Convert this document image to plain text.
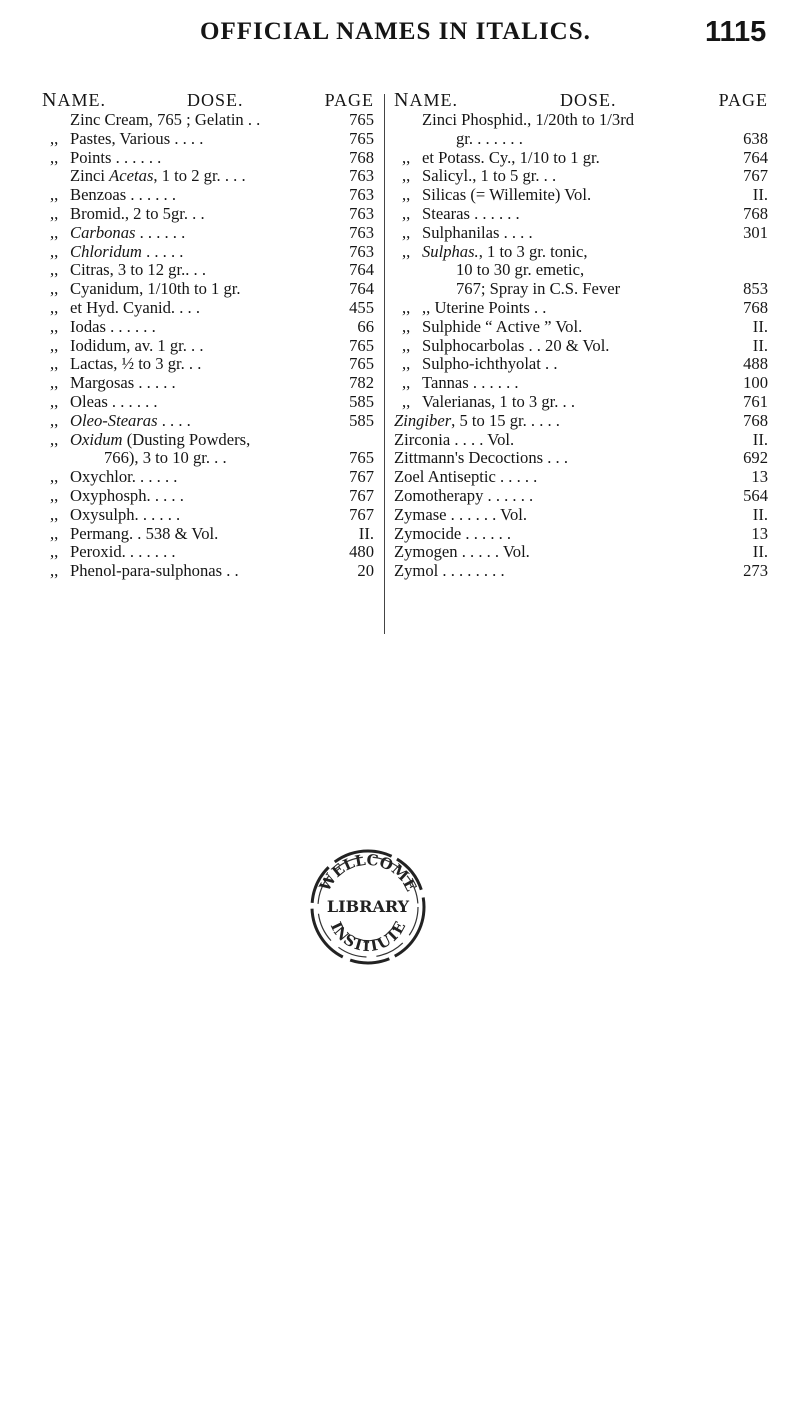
OFFICIAL NAMES IN ITALICS.	1115
NAME.	DOSE.	PAGE
Zinc Cream, 765 ; Gelatin . .	765
,, Pastes, Various . . . .	765
,, Points . . . . . .	768
Zinci Acetas, 1 to 2 gr. . . .	763
,, Benzoas . . . . . .	763
,, Bromid., 2 to 5gr. . .	763
,, Carbonas . . . . . .	763
,, Chloridum . . . . .	763
,, Citras, 3 to 12 gr.. . .	764
,, Cyanidum, 1/10th to 1 gr.	764
,, et Hyd. Cyanid. . . .	455
,, Iodas . . . . . .	66
,, Iodidum, av. 1 gr. . .	765
,, Lactas, ½ to 3 gr. . .	765
,, Margosas . . . . .	782
,, Oleas . . . . . .	585
,, Oleo-Stearas . . . .	585
,, Oxidum (Dusting Powders,
766), 3 to 10 gr. . .	765
,, Oxychlor. . . . . .	767
,, Oxyphosph. . . . .	767
,, Oxysulph. . . . . .	767
,, Permang. . 538 & Vol.	II.
,, Peroxid. . . . . . .	480
,, Phenol-para-sulphonas . .	20
NAME.	DOSE.	PAGE
Zinci Phosphid., 1/20th to 1/3rd
gr. . . . . . .	638
,, et Potass. Cy., 1/10 to 1 gr.	764
,, Salicyl., 1 to 5 gr. . .	767
,, Silicas (= Willemite) Vol.	II.
,, Stearas . . . . . .	768
,, Sulphanilas . . . .	301
,, Sulphas., 1 to 3 gr. tonic,
10 to 30 gr. emetic,
767; Spray in C.S. Fever	853
,, ,, Uterine Points . .	768
,, Sulphide “ Active ” Vol.	II.
,, Sulphocarbolas . . 20 & Vol.	II.
,, Sulpho-ichthyolat . .	488
,, Tannas . . . . . .	100
,, Valerianas, 1 to 3 gr. . .	761
Zingiber, 5 to 15 gr. . . . .	768
Zirconia . . . . Vol.	II.
Zittmann's Decoctions . . .	692
Zoel Antiseptic . . . . .	13
Zomotherapy . . . . . .	564
Zymase . . . . . . Vol.	II.
Zymocide . . . . . .	13
Zymogen . . . . . Vol.	II.
Zymol . . . . . . . .	273
WELLCOME
LIBRARY
INSTITUTE
